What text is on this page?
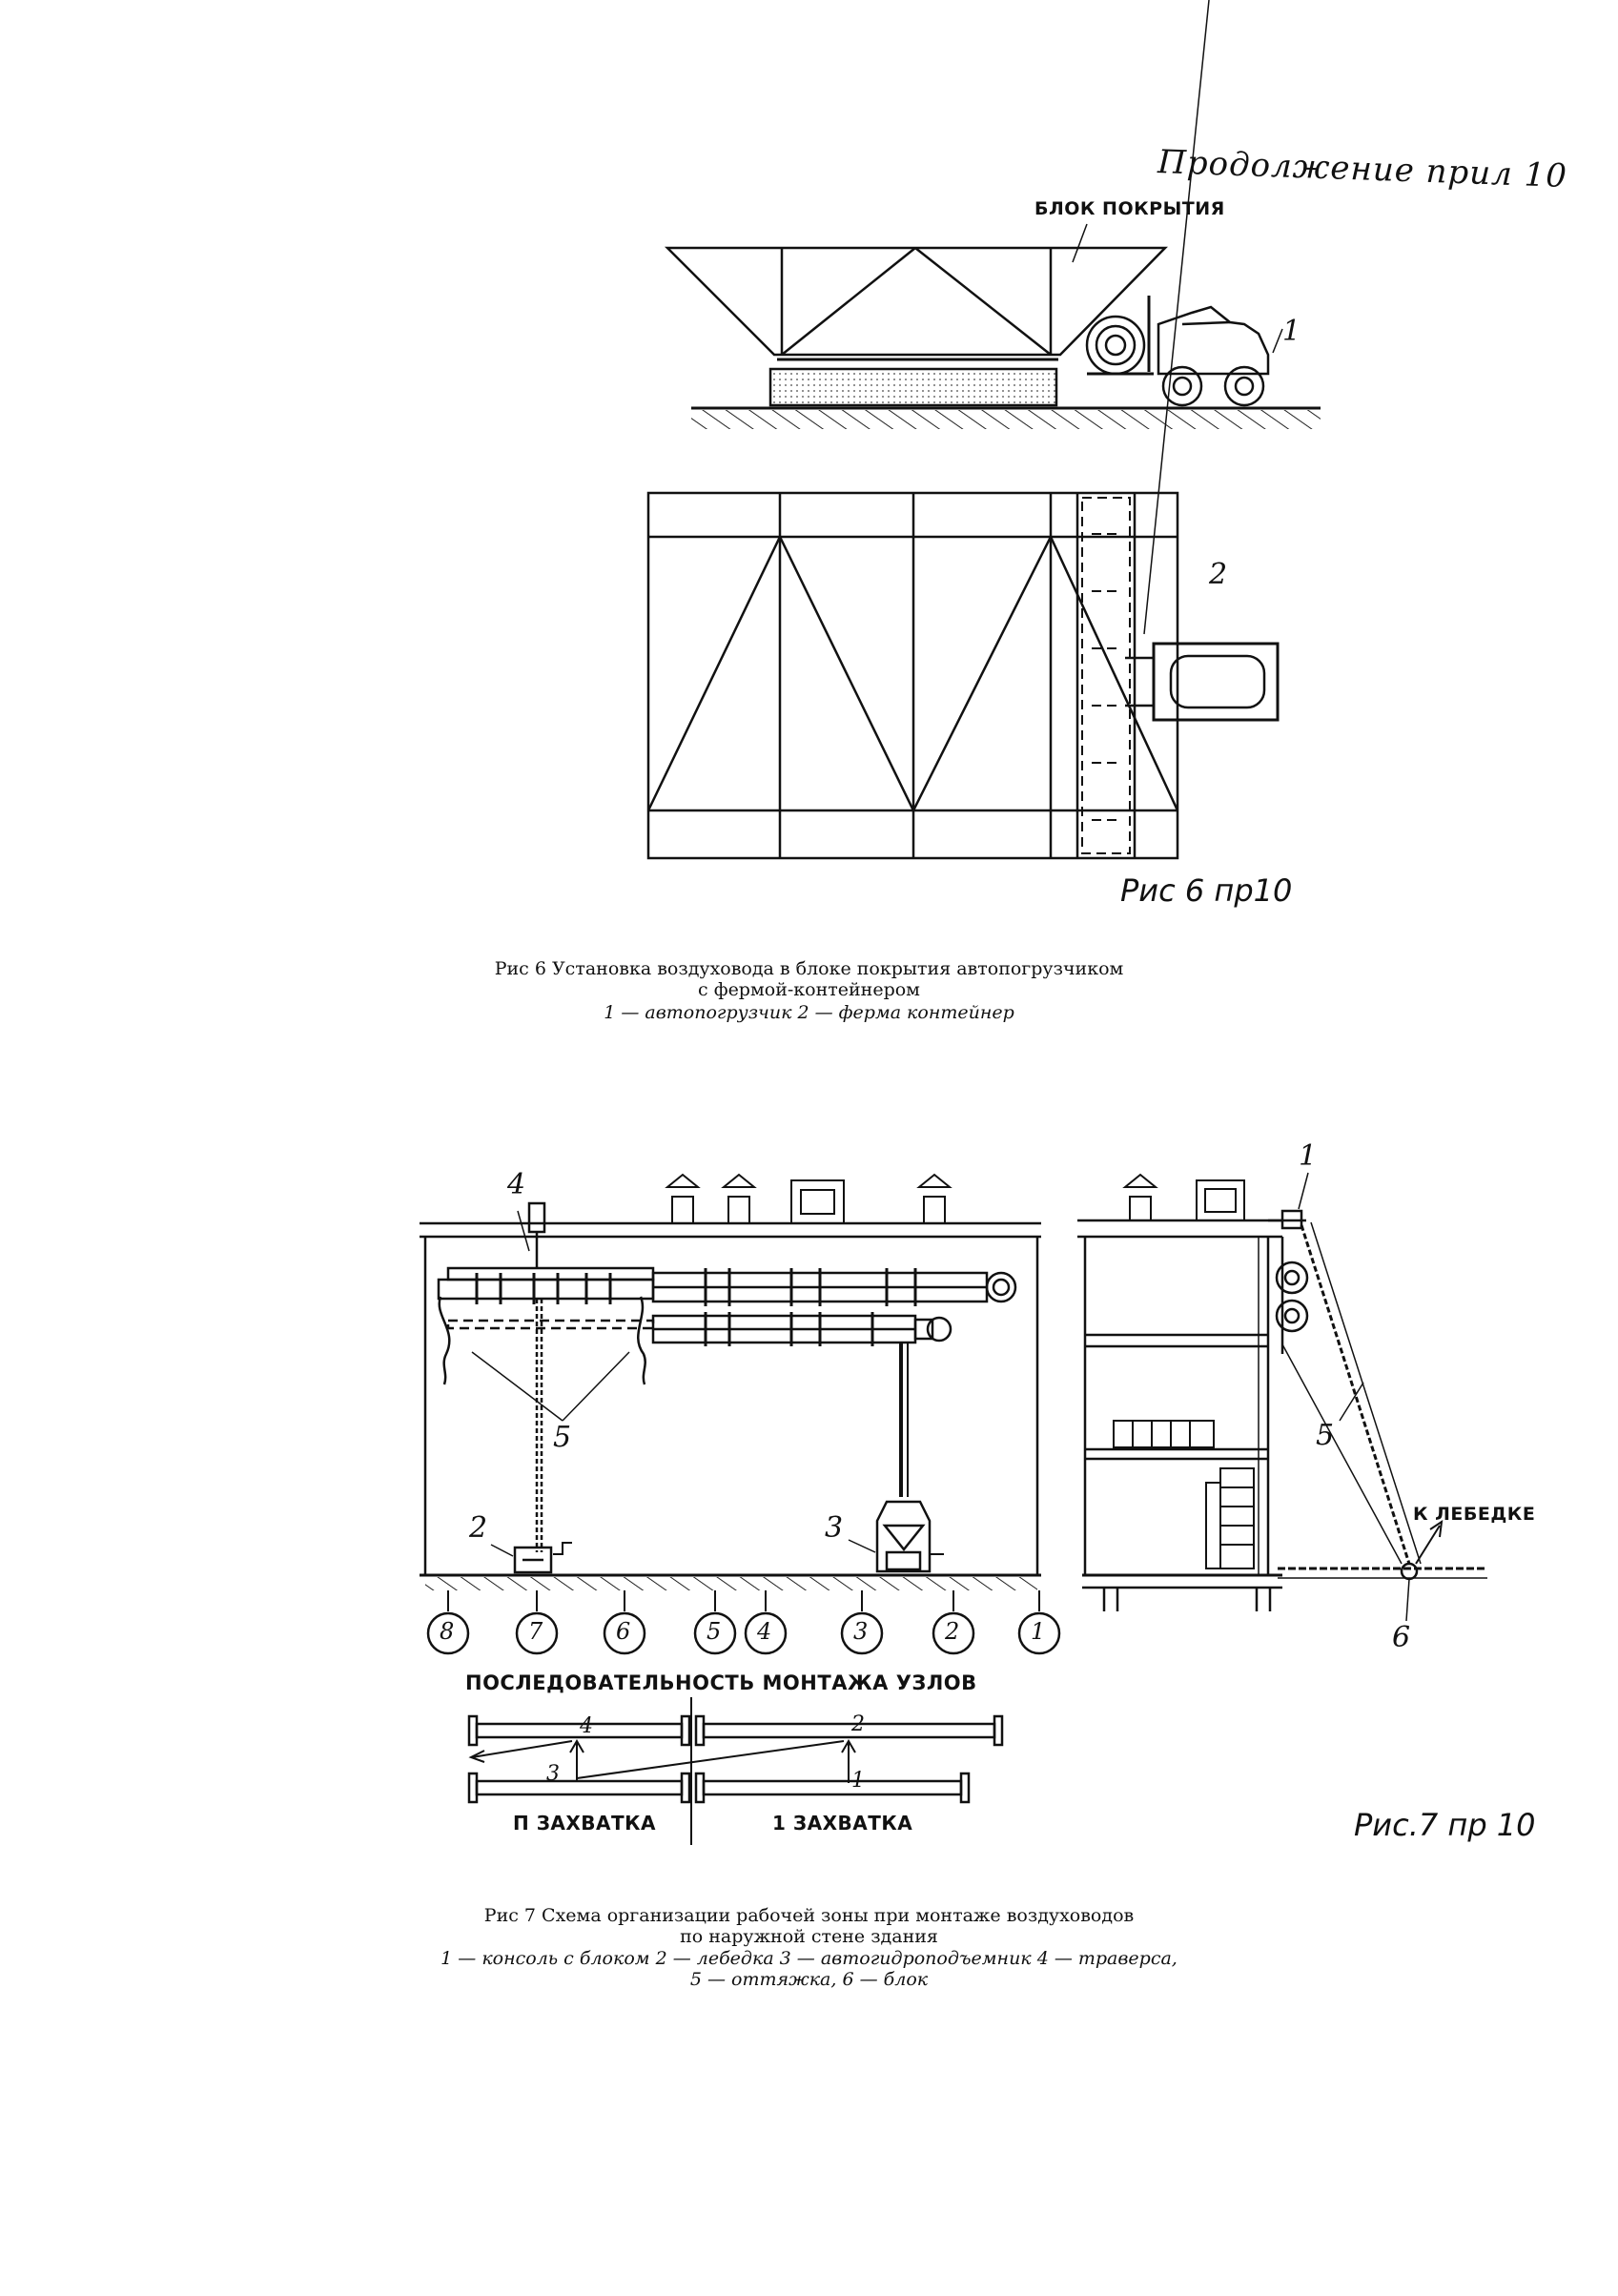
Продолжение прил 10
БЛОК ПОКРЫТИЯ
1
2
Рис 6 пр10
Рис 6 Установка воздуховода в блоке покрытия автопогрузчиком
с фермой-контейнером
1 — автопогрузчик 2 — ферма контейнер
1
2	3
4
5	5
6
К ЛЕБЕДКЕ
8	7	6	5 4	3	2	1
ПОСЛЕДОВАТЕЛЬНОСТЬ МОНТАЖА УЗЛОВ
2
1
3
4
П ЗАХВАТКА	1 ЗАХВАТКА	Рис.7 пр 10
Рис 7 Схема организации рабочей зоны при монтаже воздуховодов
по наружной стене здания
1 — консоль с блоком 2 — лебедка 3 — автогидроподъемник 4 — траверса,
5 — оттяжка, 6 — блок
